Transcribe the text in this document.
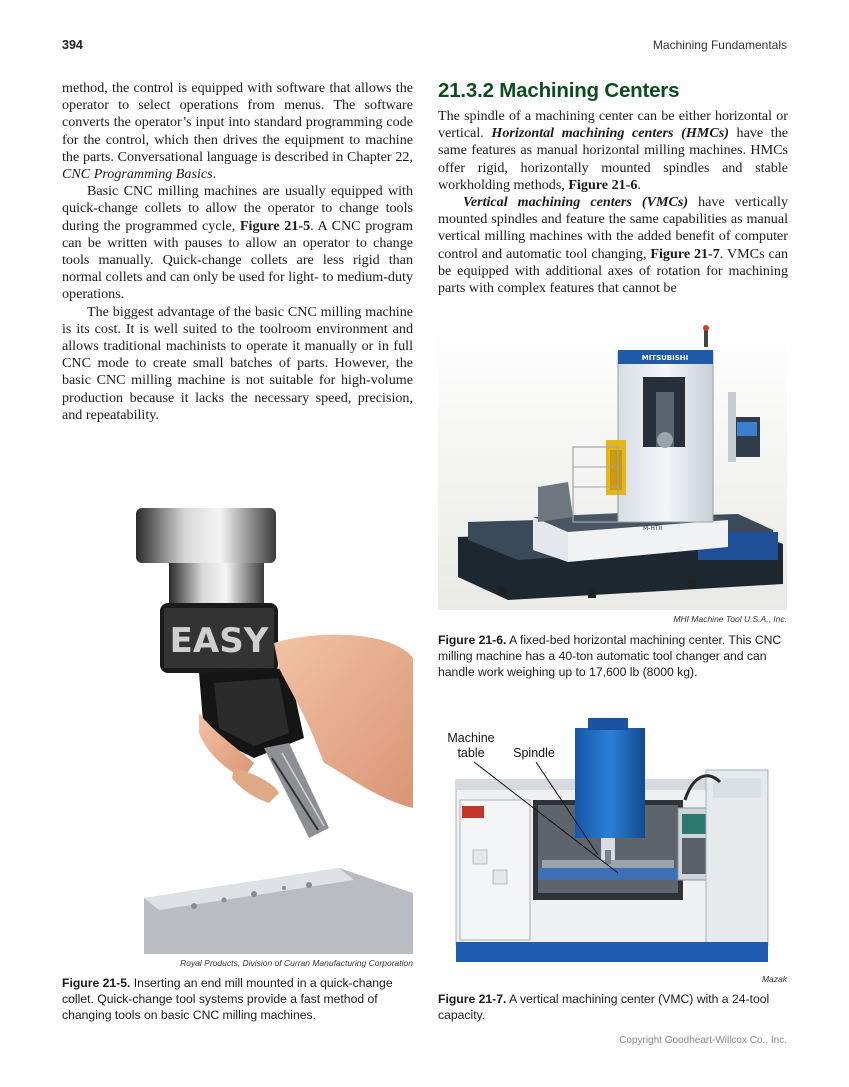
394	Machining Fundamentals

method, the control is equipped with software that allows the operator to select operations from menus. The software converts the operator’s input into standard programming code for the control, which then drives the equipment to machine the parts. Conversational language is described in Chapter 22, CNC Programming Basics.

Basic CNC milling machines are usually equipped with quick-change collets to allow the operator to change tools during the programmed cycle, Figure 21-5. A CNC program can be written with pauses to allow an operator to change tools manually. Quick-change collets are less rigid than normal collets and can only be used for light- to medium-duty operations.

The biggest advantage of the basic CNC milling machine is its cost. It is well suited to the toolroom environment and allows traditional machinists to operate it manually or in full CNC mode to create small batches of parts. However, the basic CNC milling machine is not suitable for high-volume production because it lacks the necessary speed, precision, and repeatability.

21.3.2 Machining Centers

The spindle of a machining center can be either horizontal or vertical. Horizontal machining centers (HMCs) have the same features as manual horizontal milling machines. HMCs offer rigid, horizontally mounted spindles and stable workholding methods, Figure 21-6.

Vertical machining centers (VMCs) have vertically mounted spindles and feature the same capabilities as manual vertical milling machines with the added benefit of computer control and automatic tool changing, Figure 21-7. VMCs can be equipped with additional axes of rotation for machining parts with complex features that cannot be

MITSUBISHI
M-HTII
MHI Machine Tool U.S.A., Inc.
Figure 21-6. A fixed-bed horizontal machining center. This CNC milling machine has a 40-ton automatic tool changer and can handle work weighing up to 17,600 lb (8000 kg).
EASY
Royal Products, Division of Curran Manufacturing Corporation
Figure 21-5. Inserting an end mill mounted in a quick-change collet. Quick-change tool systems provide a fast method of changing tools on basic CNC milling machines.
Machine
table Spindle
Mazak
Figure 21-7. A vertical machining center (VMC) with a 24-tool capacity.
Copyright Goodheart-Willcox Co., Inc.
